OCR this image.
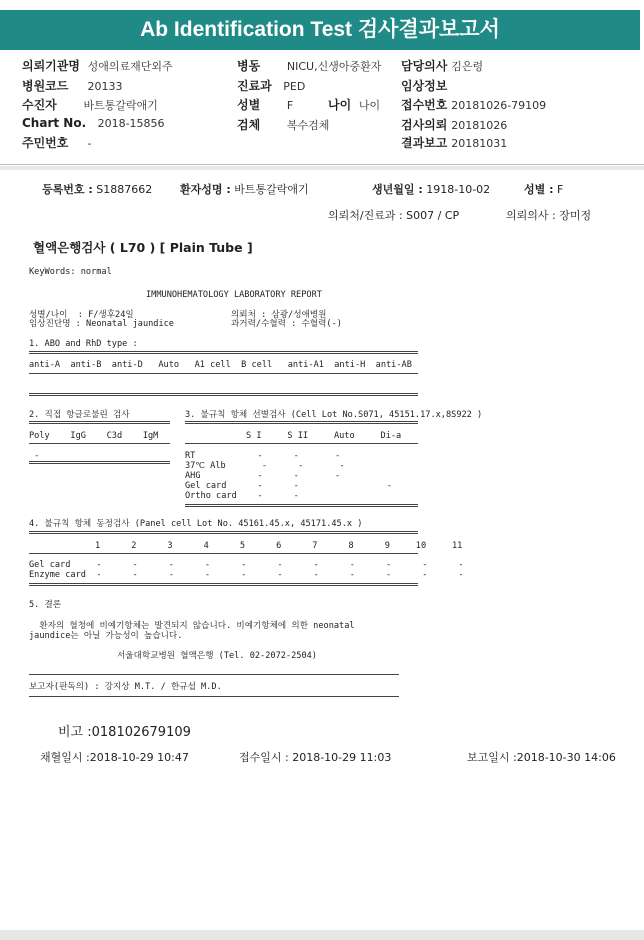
Ab Identification Test 검사결과보고서
의뢰기관명 성애의료재단외주
병원코드 20133
수진자 바트통갈락애기
Chart No. 2018-15856
주민번호 -
병동 NICU,신생아중환자
진료과 PED
성별 F	나이 나이
검체 복수검체
담당의사 김은령
임상정보
접수번호 20181026-79109
검사의뢰 20181026
결과보고 20181031
등록번호 : S1887662	환자성명 : 바트통갈락애기	생년월일 : 1918-10-02	성별 : F
의뢰처/진료과 : S007 / CP	의뢰의사 : 장미정
혈액은행검사 ( L70 ) [ Plain Tube ]
KeyWords: normal
IMMUNOHEMATOLOGY LABORATORY REPORT
성별/나이  : F/생후24일
임상진단명 : Neonatal jaundice
의뢰처 : 삼광/성애병원
과거력/수혈력 : 수혈력(-)
1. ABO and RhD type :
anti-A  anti-B  anti-D   Auto   A1 cell  B cell   anti-A1  anti-H  anti-AB
2. 직접 항글로불린 검사	3. 불규칙 항체 선별검사 (Cell Lot No.S071, 45151.17.x,8S922 )
Poly    IgG    C3d    IgM	S I     S II     Auto     Di-a
-	RT            -      -       -
37℃ Alb       -      -       -
AHG           -      -       -
Gel card      -      -                 -
Ortho card    -      -
4. 불규칙 항체 동정검사 (Panel cell Lot No. 45161.45.x, 45171.45.x )
1      2      3      4      5      6      7      8      9     10     11
Gel card     -      -      -      -      -      -      -      -      -      -      -
Enzyme card  -      -      -      -      -      -      -      -      -      -      -
5. 결론
환자의 혈청에 비예기항체는 발견되지 않습니다. 비예기항체에 의한 neonatal
jaundice는 아닐 가능성이 높습니다.
서울대학교병원 혈액은행 (Tel. 02-2072-2504)
보고자(판독의) : 강지상 M.T. / 한규섭 M.D.
비고 :018102679109
채혈일시 :2018-10-29 10:47	접수일시 : 2018-10-29 11:03	보고일시 :2018-10-30 14:06
